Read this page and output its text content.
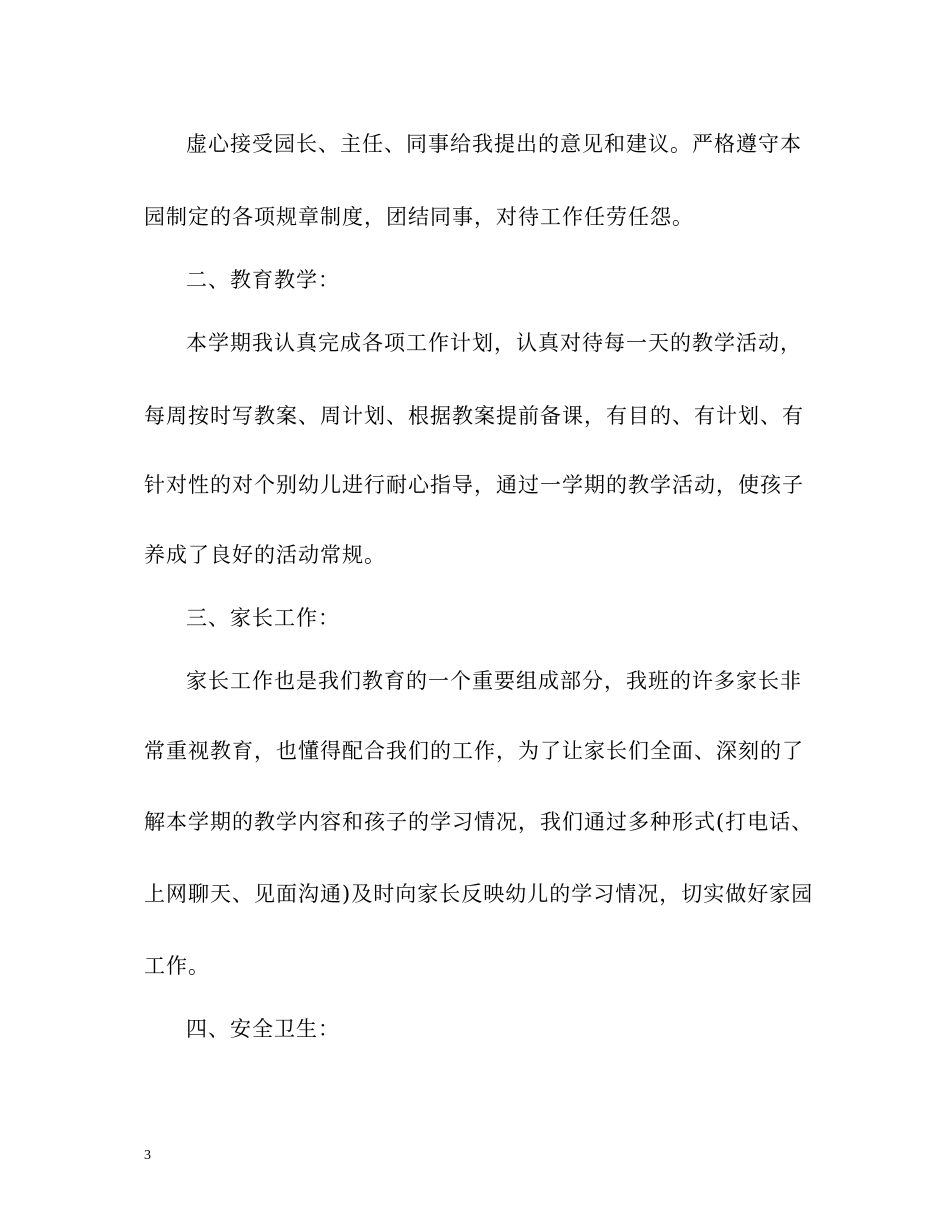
虚心接受园长、主任、同事给我提出的意见和建议。严格遵守本
园制定的各项规章制度，团结同事，对待工作任劳任怨。
二、教育教学：
本学期我认真完成各项工作计划，认真对待每一天的教学活动，
每周按时写教案、周计划、根据教案提前备课，有目的、有计划、有
针对性的对个别幼儿进行耐心指导，通过一学期的教学活动，使孩子
养成了良好的活动常规。
三、家长工作：
家长工作也是我们教育的一个重要组成部分，我班的许多家长非
常重视教育，也懂得配合我们的工作，为了让家长们全面、深刻的了
解本学期的教学内容和孩子的学习情况，我们通过多种形式(打电话、
上网聊天、见面沟通)及时向家长反映幼儿的学习情况，切实做好家园
工作。
四、安全卫生：
3
